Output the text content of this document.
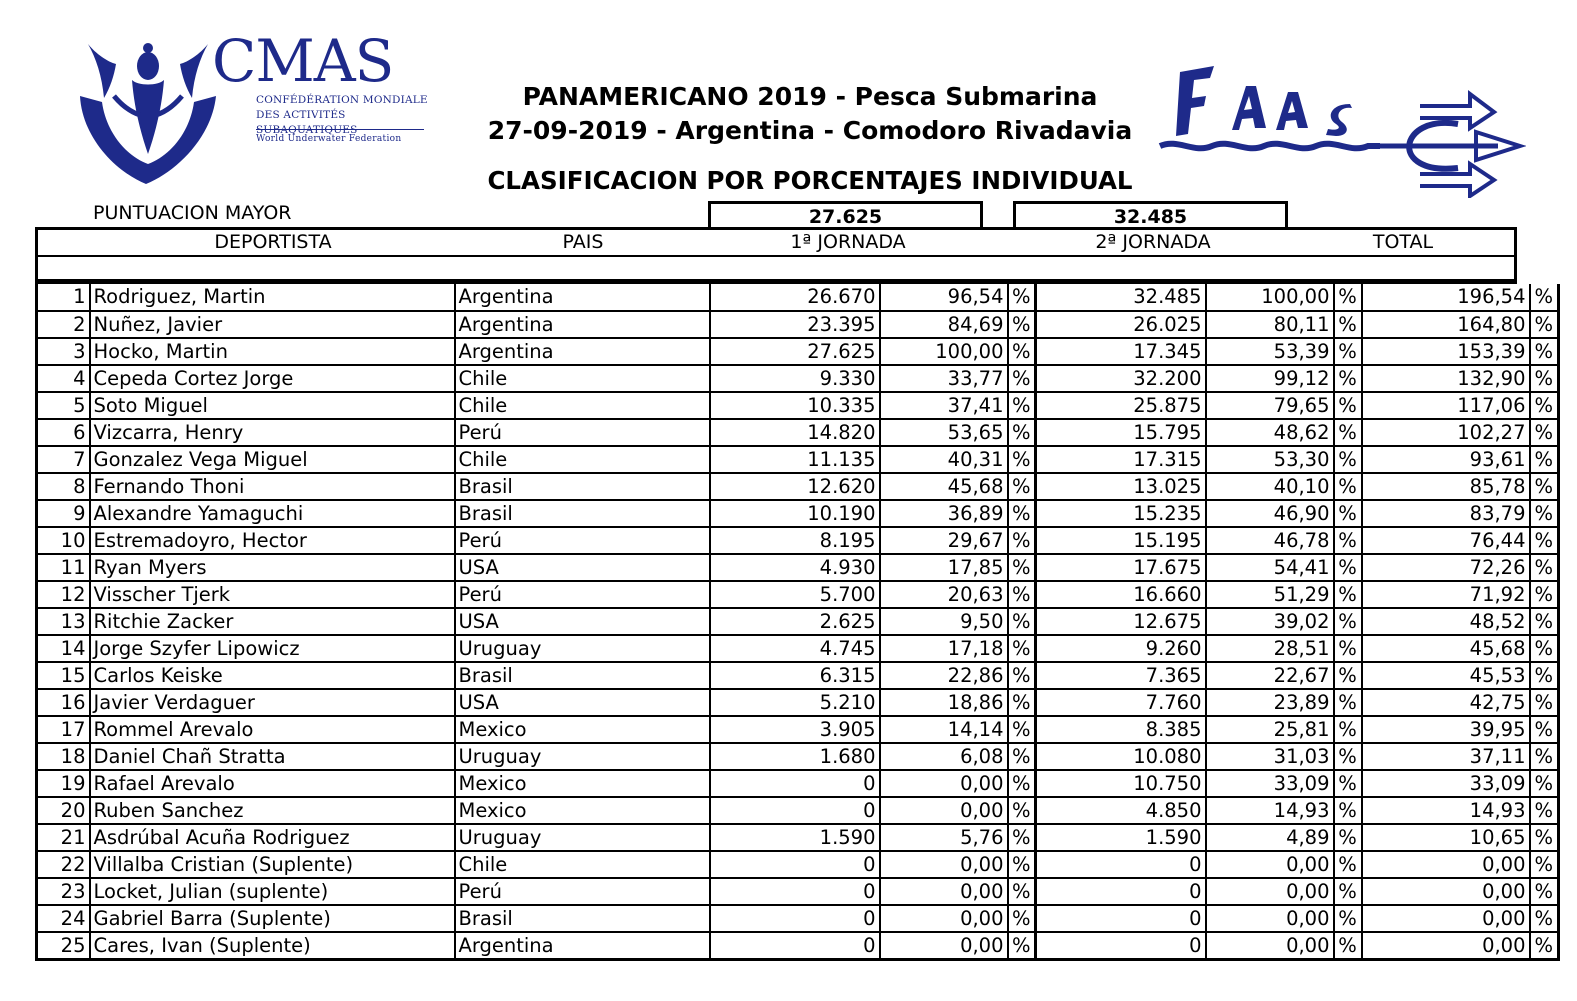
CMAS
CONFÉDÉRATION MONDIALE
DES ACTIVITÉS SUBAQUATIQUES
World Underwater Federation
PANAMERICANO 2019 - Pesca Submarina
27-09-2019 - Argentina - Comodoro Rivadavia
CLASIFICACION POR PORCENTAJES INDIVIDUAL
PUNTUACION MAYOR	27.625	32.485
DEPORTISTA	PAIS	1ª JORNADA	2ª JORNADA	TOTAL
1	Rodriguez, Martin	Argentina	26.670	96,54	%	32.485	100,00	%	196,54	%
2	Nuñez, Javier	Argentina	23.395	84,69	%	26.025	80,11	%	164,80	%
3	Hocko, Martin	Argentina	27.625	100,00	%	17.345	53,39	%	153,39	%
4	Cepeda Cortez Jorge	Chile	9.330	33,77	%	32.200	99,12	%	132,90	%
5	Soto Miguel	Chile	10.335	37,41	%	25.875	79,65	%	117,06	%
6	Vizcarra, Henry	Perú	14.820	53,65	%	15.795	48,62	%	102,27	%
7	Gonzalez Vega Miguel	Chile	11.135	40,31	%	17.315	53,30	%	93,61	%
8	Fernando Thoni	Brasil	12.620	45,68	%	13.025	40,10	%	85,78	%
9	Alexandre Yamaguchi	Brasil	10.190	36,89	%	15.235	46,90	%	83,79	%
10	Estremadoyro, Hector	Perú	8.195	29,67	%	15.195	46,78	%	76,44	%
11	Ryan Myers	USA	4.930	17,85	%	17.675	54,41	%	72,26	%
12	Visscher Tjerk	Perú	5.700	20,63	%	16.660	51,29	%	71,92	%
13	Ritchie Zacker	USA	2.625	9,50	%	12.675	39,02	%	48,52	%
14	Jorge Szyfer Lipowicz	Uruguay	4.745	17,18	%	9.260	28,51	%	45,68	%
15	Carlos Keiske	Brasil	6.315	22,86	%	7.365	22,67	%	45,53	%
16	Javier Verdaguer	USA	5.210	18,86	%	7.760	23,89	%	42,75	%
17	Rommel Arevalo	Mexico	3.905	14,14	%	8.385	25,81	%	39,95	%
18	Daniel Chañ Stratta	Uruguay	1.680	6,08	%	10.080	31,03	%	37,11	%
19	Rafael Arevalo	Mexico	0	0,00	%	10.750	33,09	%	33,09	%
20	Ruben Sanchez	Mexico	0	0,00	%	4.850	14,93	%	14,93	%
21	Asdrúbal Acuña Rodriguez	Uruguay	1.590	5,76	%	1.590	4,89	%	10,65	%
22	Villalba Cristian (Suplente)	Chile	0	0,00	%	0	0,00	%	0,00	%
23	Locket, Julian (suplente)	Perú	0	0,00	%	0	0,00	%	0,00	%
24	Gabriel Barra (Suplente)	Brasil	0	0,00	%	0	0,00	%	0,00	%
25	Cares, Ivan (Suplente)	Argentina	0	0,00	%	0	0,00	%	0,00	%
